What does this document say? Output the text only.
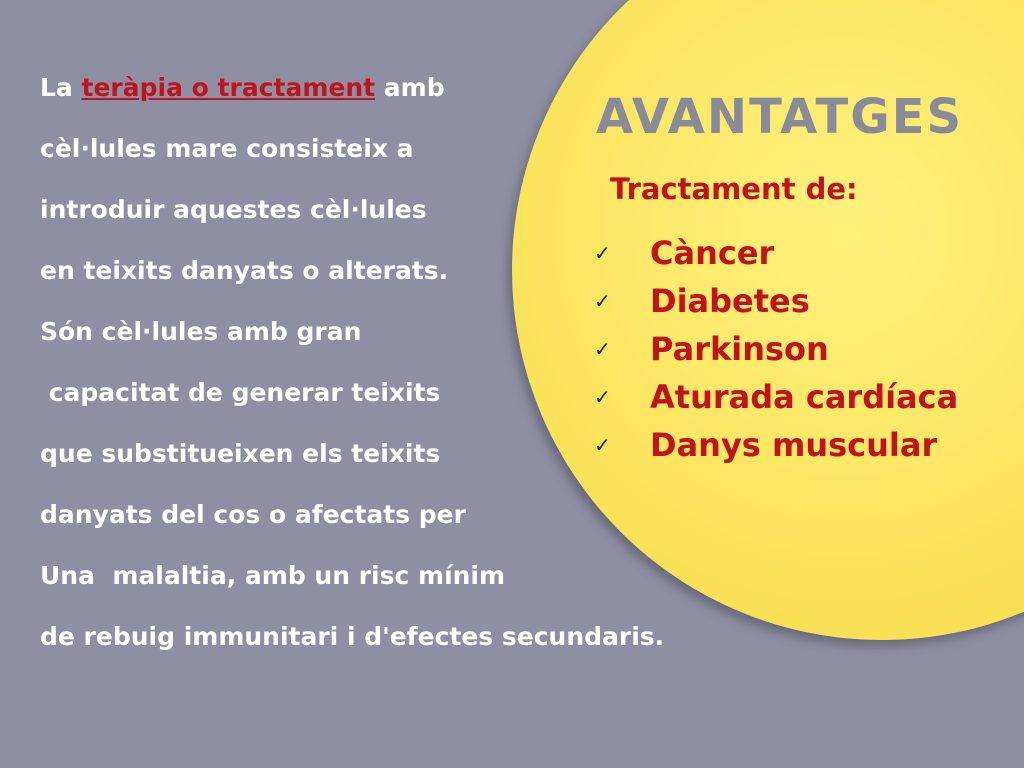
La teràpia o tractament amb
cèl·lules mare consisteix a
introduir aquestes cèl·lules
en teixits danyats o alterats.
Són cèl·lules amb gran
capacitat de generar teixits
que substitueixen els teixits
danyats del cos o afectats per
Una  malaltia, amb un risc mínim
de rebuig immunitari i d'efectes secundaris.
AVANTATGES
Tractament de:
✓	Càncer
✓	Diabetes
✓	Parkinson
✓	Aturada cardíaca
✓	Danys muscular
